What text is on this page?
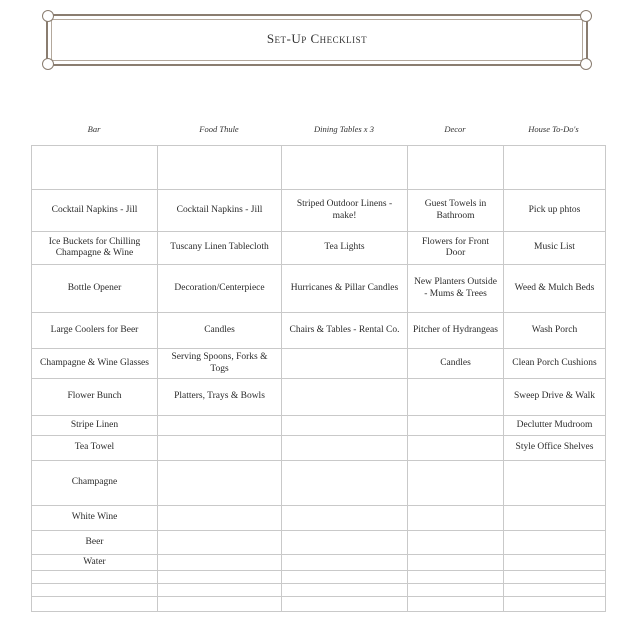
Set-Up Checklist
Bar	Food Thule	Dining Tables x 3	Decor	House To-Do's

Cocktail Napkins - Jill	Cocktail Napkins - Jill	Striped Outdoor Linens - make!	Guest Towels in Bathroom	Pick up phtos
Ice Buckets for Chilling Champagne & Wine	Tuscany Linen Tablecloth	Tea Lights	Flowers for Front Door	Music List
Bottle Opener	Decoration/Centerpiece	Hurricanes & Pillar Candles	New Planters Outside - Mums & Trees	Weed & Mulch Beds
Large Coolers for Beer	Candles	Chairs & Tables - Rental Co.	Pitcher of Hydrangeas	Wash Porch
Champagne & Wine Glasses	Serving Spoons, Forks & Togs		Candles	Clean Porch Cushions
Flower Bunch	Platters, Trays & Bowls			Sweep Drive & Walk
Stripe Linen				Declutter Mudroom
Tea Towel				Style Office Shelves
Champagne				
White Wine				
Beer				
Water				
